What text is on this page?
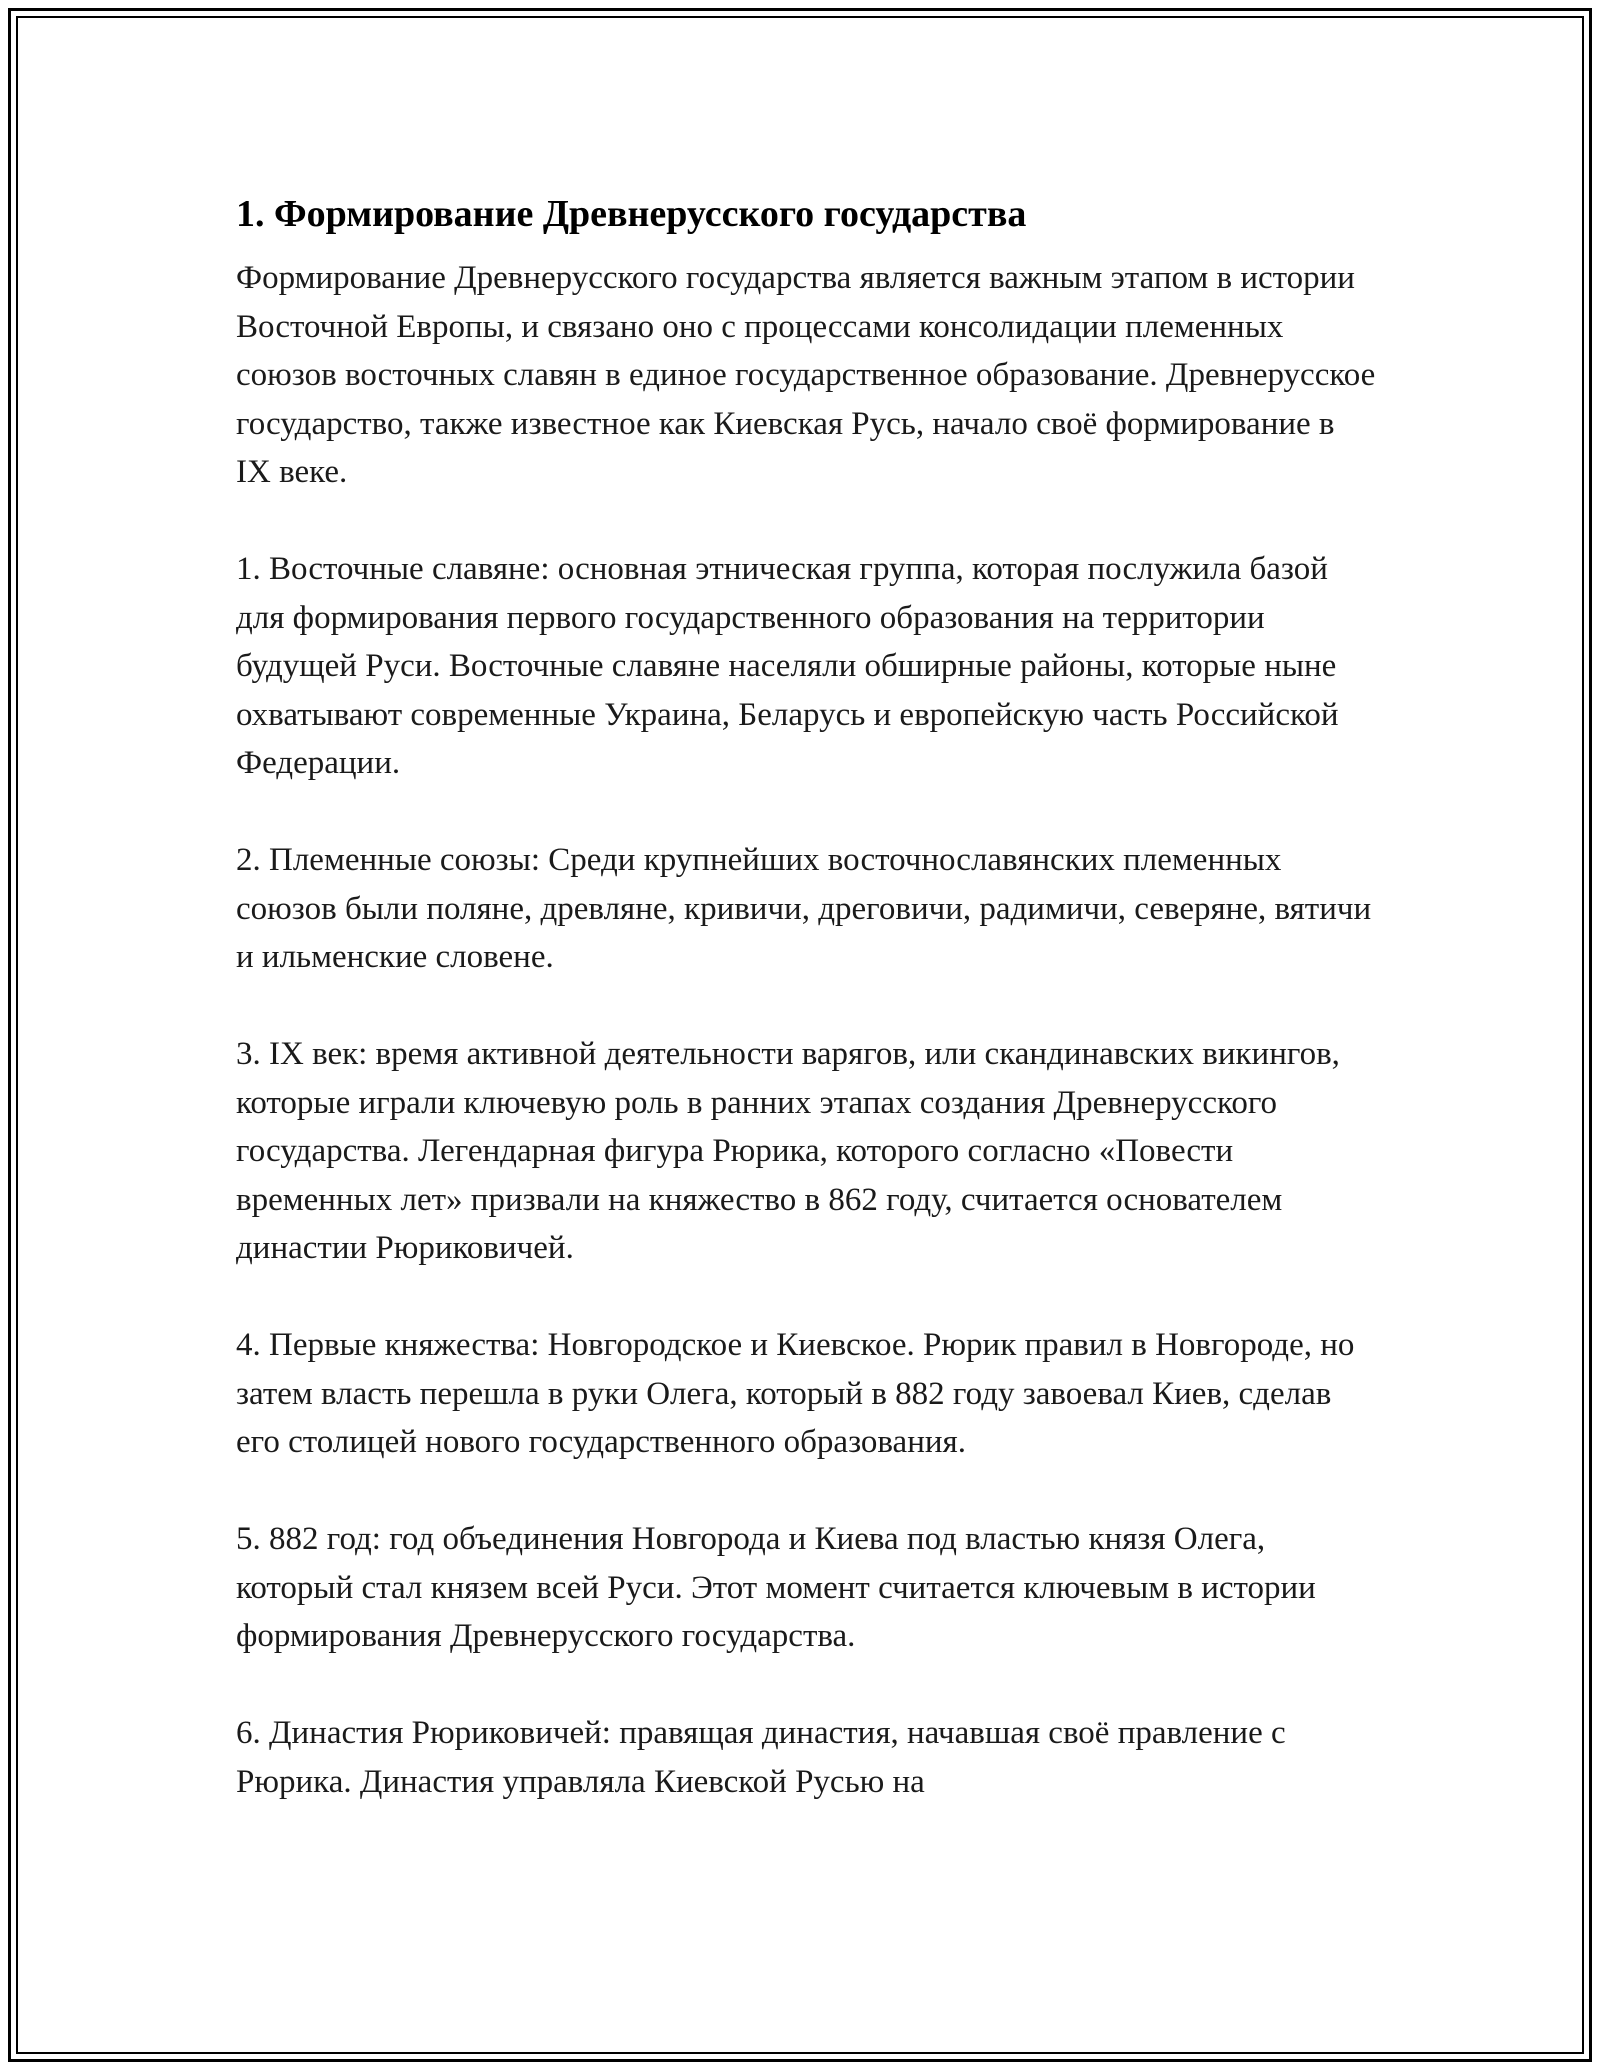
1. Формирование Древнерусского государства

Формирование Древнерусского государства является важным этапом в истории Восточной Европы, и связано оно с процессами консолидации племенных союзов восточных славян в единое государственное образование. Древнерусское государство, также известное как Киевская Русь, начало своё формирование в IX веке.

1. Восточные славяне: основная этническая группа, которая послужила базой для формирования первого государственного образования на территории будущей Руси. Восточные славяне населяли обширные районы, которые ныне охватывают современные Украина, Беларусь и европейскую часть Российской Федерации.

2. Племенные союзы: Среди крупнейших восточнославянских племенных союзов были поляне, древляне, кривичи, дреговичи, радимичи, северяне, вятичи и ильменские словене.

3. IX век: время активной деятельности варягов, или скандинавских викингов, которые играли ключевую роль в ранних этапах создания Древнерусского государства. Легендарная фигура Рюрика, которого согласно «Повести временных лет» призвали на княжество в 862 году, считается основателем династии Рюриковичей.

4. Первые княжества: Новгородское и Киевское. Рюрик правил в Новгороде, но затем власть перешла в руки Олега, который в 882 году завоевал Киев, сделав его столицей нового государственного образования.

5. 882 год: год объединения Новгорода и Киева под властью князя Олега, который стал князем всей Руси. Этот момент считается ключевым в истории формирования Древнерусского государства.

6. Династия Рюриковичей: правящая династия, начавшая своё правление с Рюрика. Династия управляла Киевской Русью на
